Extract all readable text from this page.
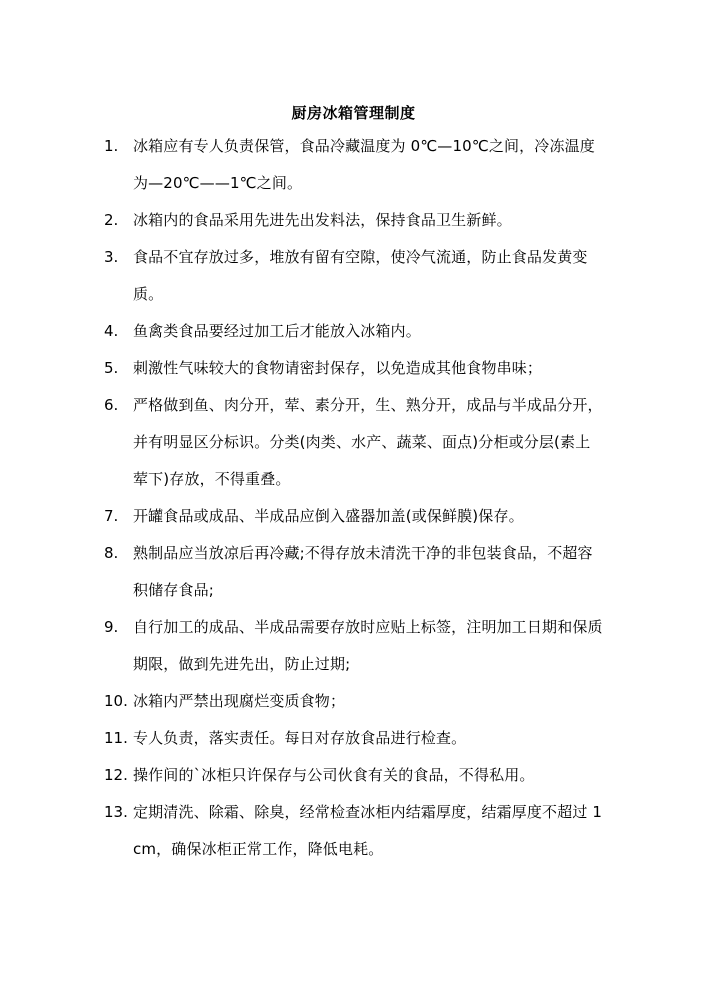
厨房冰箱管理制度
1. 冰箱应有专人负责保管，食品冷藏温度为 0℃—10℃之间，冷冻温度为—20℃——1℃之间。
2. 冰箱内的食品采用先进先出发料法，保持食品卫生新鲜。
3. 食品不宜存放过多，堆放有留有空隙，使冷气流通，防止食品发黄变质。
4. 鱼禽类食品要经过加工后才能放入冰箱内。
5. 刺激性气味较大的食物请密封保存，以免造成其他食物串味；
6. 严格做到鱼、肉分开，荤、素分开，生、熟分开，成品与半成品分开，并有明显区分标识。分类(肉类、水产、蔬菜、面点)分柜或分层(素上荤下)存放，不得重叠。
7. 开罐食品或成品、半成品应倒入盛器加盖(或保鲜膜)保存。
8. 熟制品应当放凉后再冷藏;不得存放未清洗干净的非包装食品，不超容积储存食品;
9. 自行加工的成品、半成品需要存放时应贴上标签，注明加工日期和保质期限，做到先进先出，防止过期;
10. 冰箱内严禁出现腐烂变质食物；
11. 专人负责，落实责任。每日对存放食品进行检查。
12. 操作间的`冰柜只许保存与公司伙食有关的食品，不得私用。
13. 定期清洗、除霜、除臭，经常检查冰柜内结霜厚度，结霜厚度不超过 1cm，确保冰柜正常工作，降低电耗。
